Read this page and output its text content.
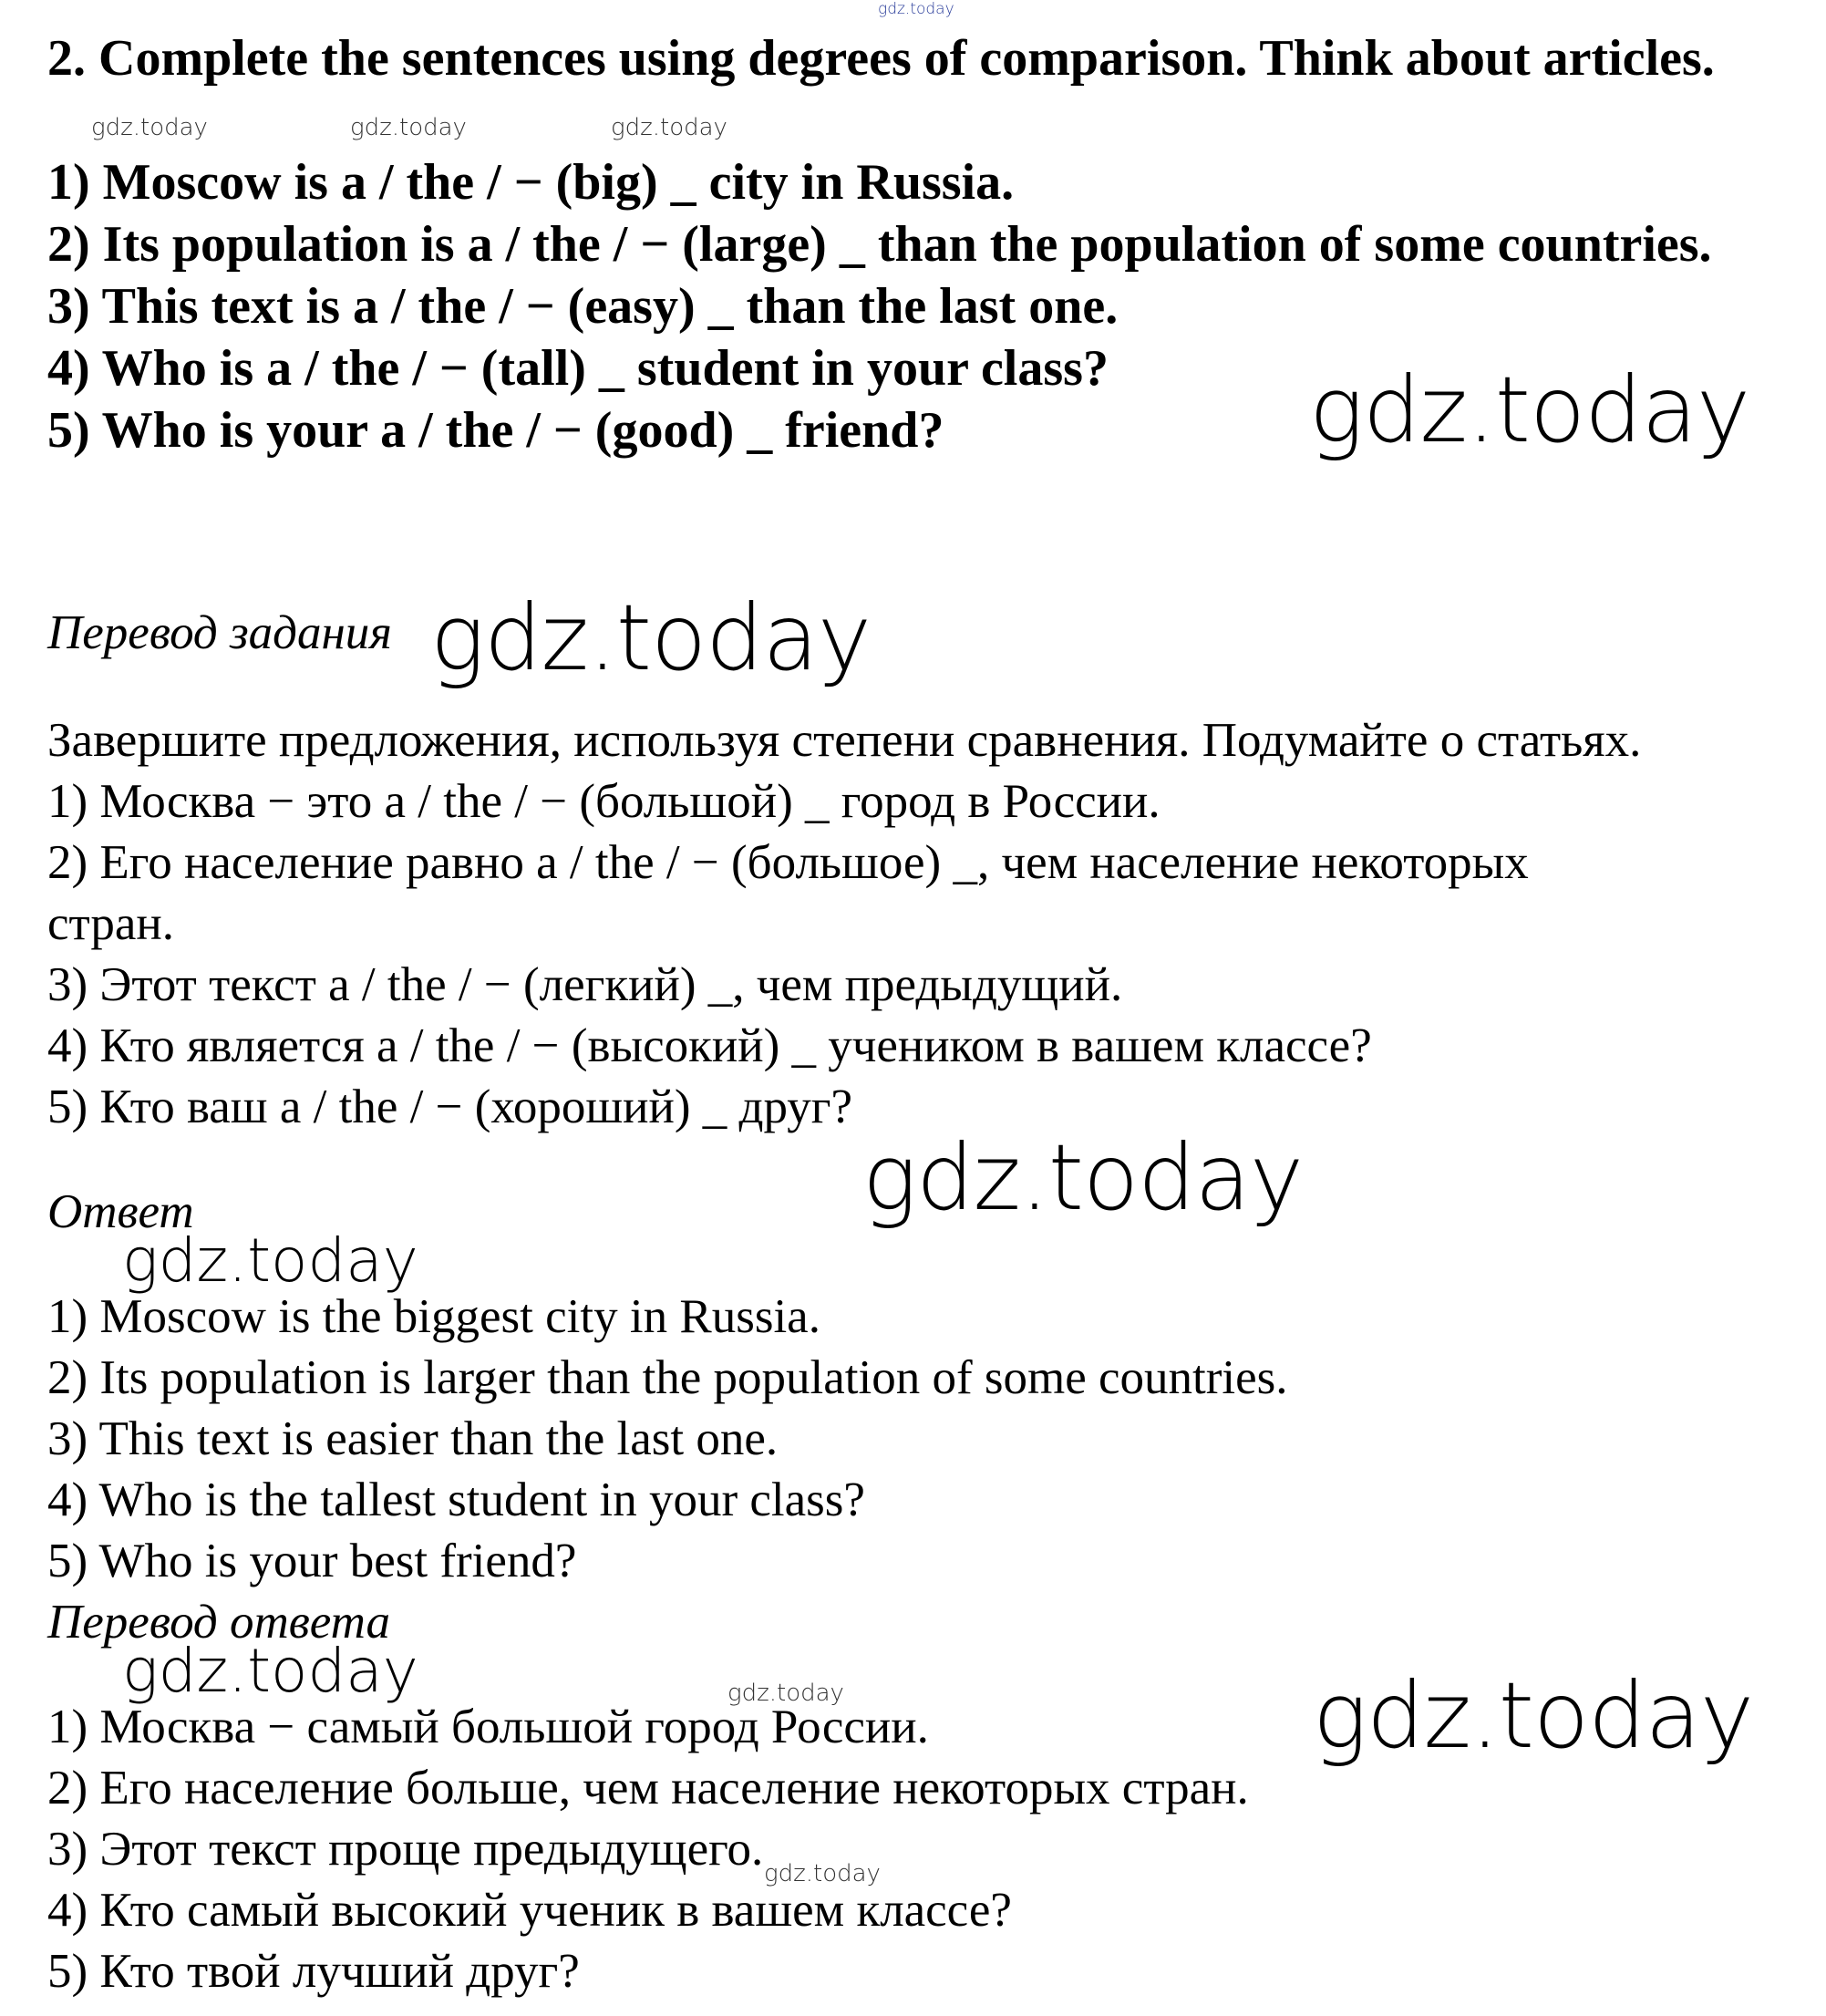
2. Complete the sentences using degrees of comparison. Think about articles.
1) Moscow is a / the / − (big) _ city in Russia.
2) Its population is a / the / − (large) _ than the population of some countries.
3) This text is a / the / − (easy) _ than the last one.
4) Who is a / the / − (tall) _ student in your class?
5) Who is your a / the / − (good) _ friend?
Перевод задания
Завершите предложения, используя степени сравнения. Подумайте о статьях.
1) Москва − это a / the / − (большой) _ город в России.
2) Его население равно a / the / − (большое) _, чем население некоторых
стран.
3) Этот текст a / the / − (легкий) _, чем предыдущий.
4) Кто является a / the / − (высокий) _ учеником в вашем классе?
5) Кто ваш a / the / − (хороший) _ друг?
Ответ
1) Moscow is the biggest city in Russia.
2) Its population is larger than the population of some countries.
3) This text is easier than the last one.
4) Who is the tallest student in your class?
5) Who is your best friend?
Перевод ответа
1) Москва − самый большой город России.
2) Его население больше, чем население некоторых стран.
3) Этот текст проще предыдущего.
4) Кто самый высокий ученик в вашем классе?
5) Кто твой лучший друг?
gdz.today
gdz.today	gdz.today	gdz.today
gdz.today
gdz.today
gdz.today
gdz.today
gdz.today	gdz.today	gdz.today
gdz.today
